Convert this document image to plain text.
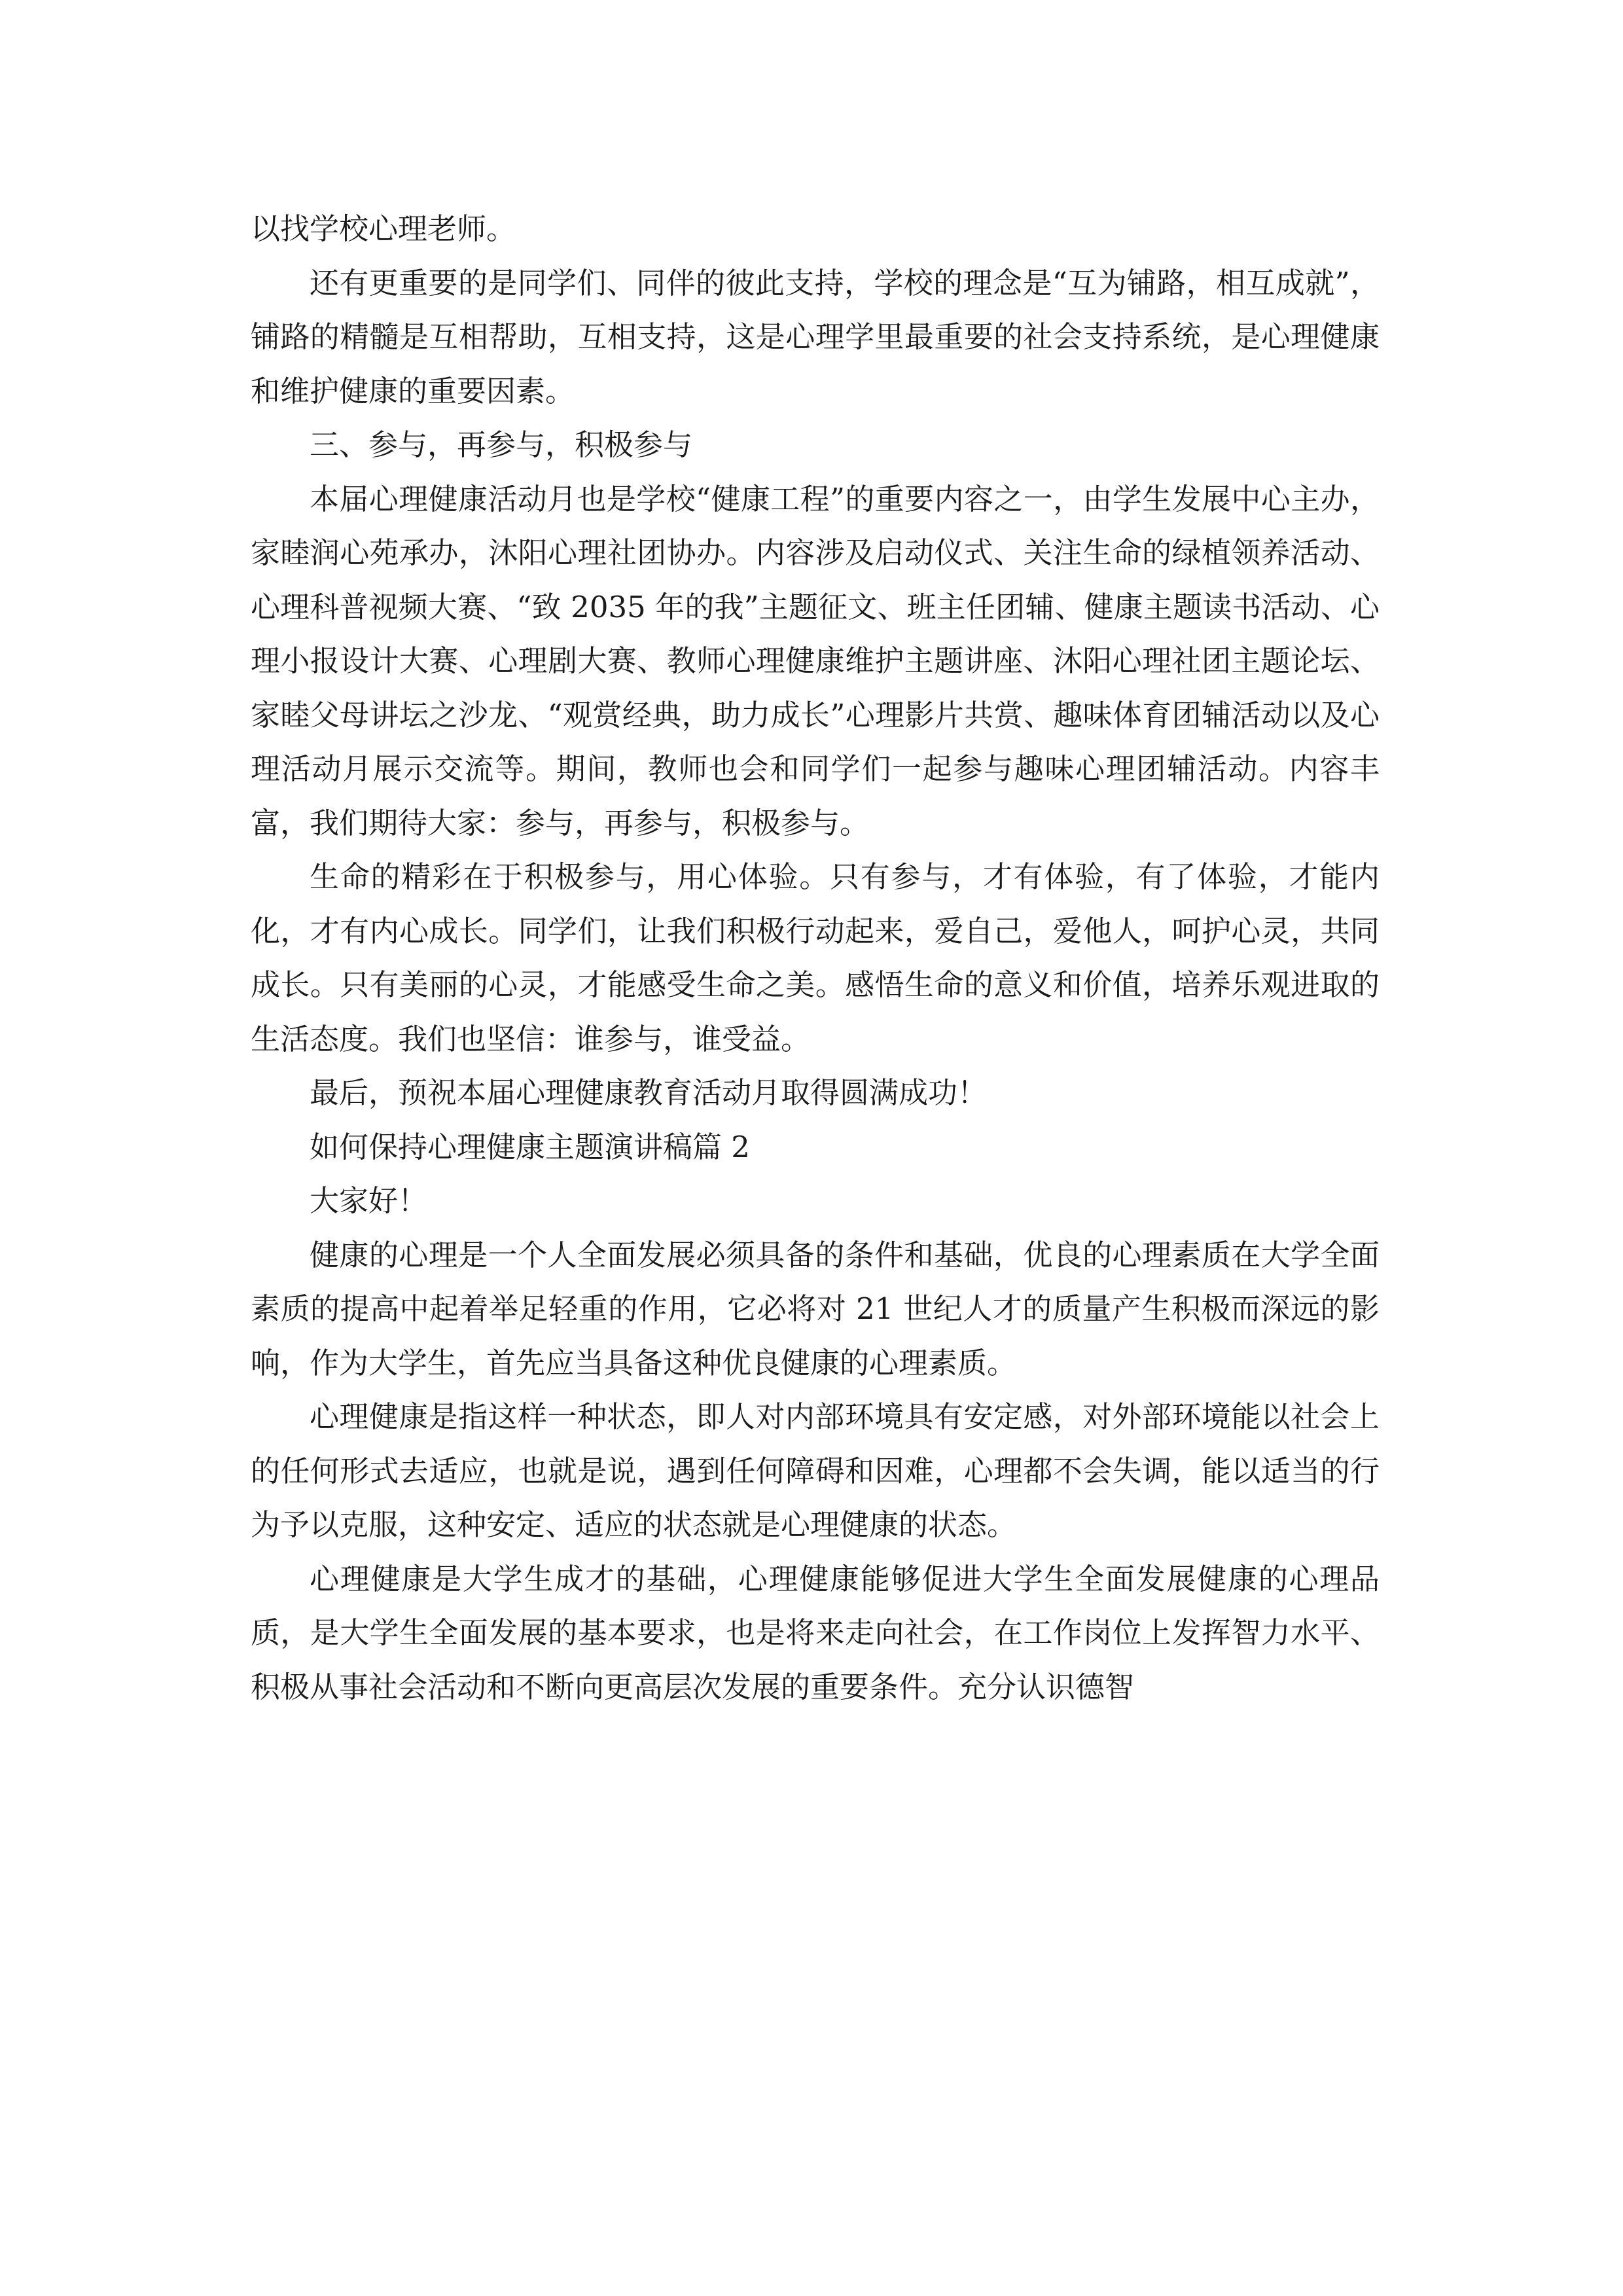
以找学校心理老师。

还有更重要的是同学们、同伴的彼此支持，学校的理念是“互为铺路，相互成就”，铺路的精髓是互相帮助，互相支持，这是心理学里最重要的社会支持系统，是心理健康和维护健康的重要因素。

三、参与，再参与，积极参与

本届心理健康活动月也是学校“健康工程”的重要内容之一，由学生发展中心主办，家睦润心苑承办，沐阳心理社团协办。内容涉及启动仪式、关注生命的绿植领养活动、心理科普视频大赛、“致 2035 年的我”主题征文、班主任团辅、健康主题读书活动、心理小报设计大赛、心理剧大赛、教师心理健康维护主题讲座、沐阳心理社团主题论坛、家睦父母讲坛之沙龙、“观赏经典，助力成长”心理影片共赏、趣味体育团辅活动以及心理活动月展示交流等。期间，教师也会和同学们一起参与趣味心理团辅活动。内容丰富，我们期待大家：参与，再参与，积极参与。

生命的精彩在于积极参与，用心体验。只有参与，才有体验，有了体验，才能内化，才有内心成长。同学们，让我们积极行动起来，爱自己，爱他人，呵护心灵，共同成长。只有美丽的心灵，才能感受生命之美。感悟生命的意义和价值，培养乐观进取的生活态度。我们也坚信：谁参与，谁受益。

最后，预祝本届心理健康教育活动月取得圆满成功！

如何保持心理健康主题演讲稿篇 2

大家好！

健康的心理是一个人全面发展必须具备的条件和基础，优良的心理素质在大学全面素质的提高中起着举足轻重的作用，它必将对 21 世纪人才的质量产生积极而深远的影响，作为大学生，首先应当具备这种优良健康的心理素质。

心理健康是指这样一种状态，即人对内部环境具有安定感，对外部环境能以社会上的任何形式去适应，也就是说，遇到任何障碍和因难，心理都不会失调，能以适当的行为予以克服，这种安定、适应的状态就是心理健康的状态。

心理健康是大学生成才的基础，心理健康能够促进大学生全面发展健康的心理品质，是大学生全面发展的基本要求，也是将来走向社会，在工作岗位上发挥智力水平、积极从事社会活动和不断向更高层次发展的重要条件。充分认识德智
